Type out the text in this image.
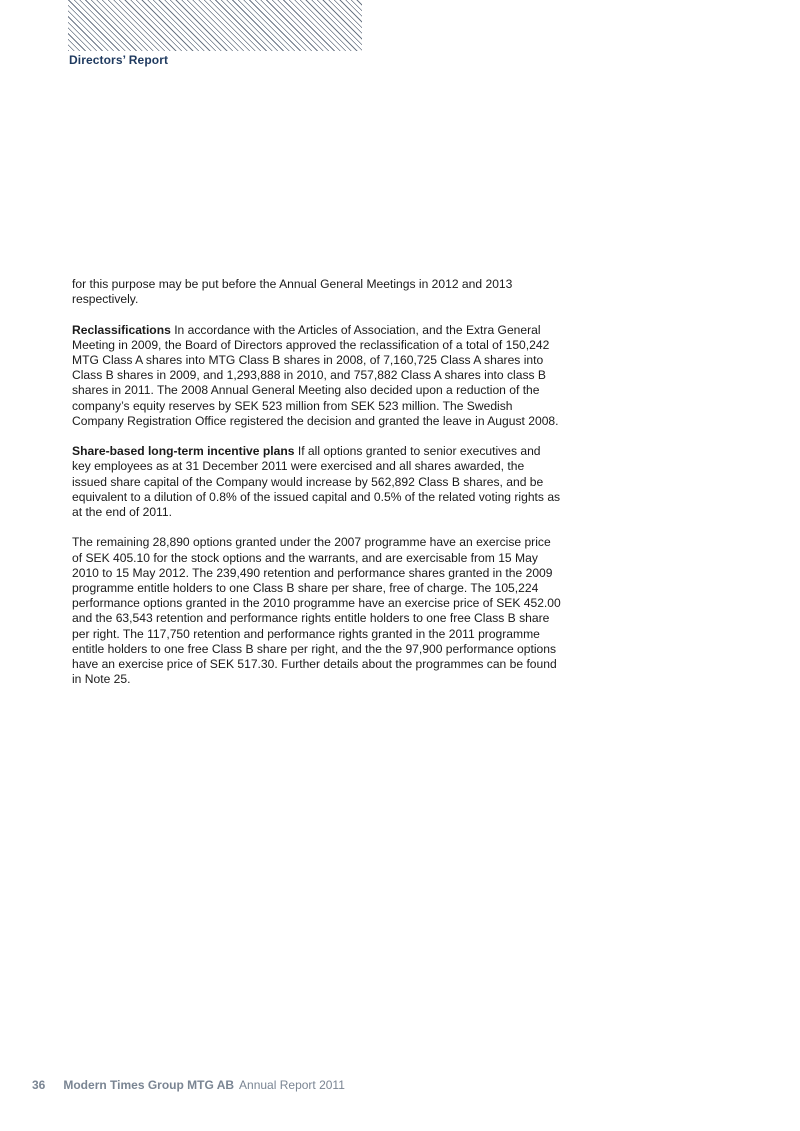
Directors’ Report

for this purpose may be put before the Annual General Meetings in 2012 and 2013 respectively.

Reclassifications In accordance with the Articles of Association, and the Extra General Meeting in 2009, the Board of Directors approved the reclassification of a total of 150,242 MTG Class A shares into MTG Class B shares in 2008, of 7,160,725 Class A shares into Class B shares in 2009, and 1,293,888 in 2010, and 757,882 Class A shares into class B shares in 2011. The 2008 Annual General Meeting also decided upon a reduction of the company’s equity reserves by SEK 523 million from SEK 523 million. The Swedish Company Registration Office registered the decision and granted the leave in August 2008.

Share-based long-term incentive plans If all options granted to senior executives and key employees as at 31 December 2011 were exercised and all shares awarded, the issued share capital of the Company would increase by 562,892 Class B shares, and be equivalent to a dilution of 0.8% of the issued capital and 0.5% of the related voting rights as at the end of 2011.

The remaining 28,890 options granted under the 2007 programme have an exercise price of SEK 405.10 for the stock options and the warrants, and are exercisable from 15 May 2010 to 15 May 2012. The 239,490 retention and performance shares granted in the 2009 programme entitle holders to one Class B share per share, free of charge. The 105,224 performance options granted in the 2010 programme have an exercise price of SEK 452.00 and the 63,543 retention and performance rights entitle holders to one free Class B share per right. The 117,750 retention and performance rights granted in the 2011 programme entitle holders to one free Class B share per right, and the the 97,900 performance options have an exercise price of SEK 517.30. Further details about the programmes can be found in Note 25.

36 Modern Times Group MTG AB Annual Report 2011
